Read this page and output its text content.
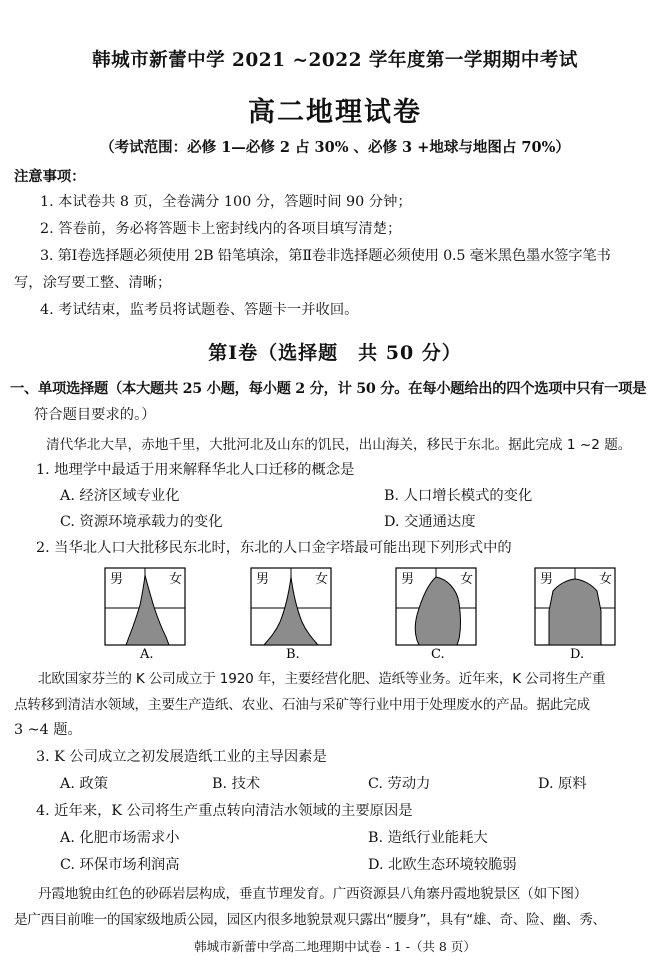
韩城市新蕾中学 2021 ~2022 学年度第一学期期中考试
高二地理试卷
（考试范围：必修 1—必修 2 占 30% 、必修 3 +地球与地图占 70%）
注意事项：
1. 本试卷共 8 页，全卷满分 100 分，答题时间 90 分钟；
2. 答卷前，务必将答题卡上密封线内的各项目填写清楚；
3. 第Ⅰ卷选择题必须使用 2B 铅笔填涂，第Ⅱ卷非选择题必须使用 0.5 毫米黑色墨水签字笔书
写，涂写要工整、清晰；
4. 考试结束，监考员将试题卷、答题卡一并收回。
第Ⅰ卷（选择题　共 50 分）
一、单项选择题（本大题共 25 小题，每小题 2 分，计 50 分。在每小题给出的四个选项中只有一项是
符合题目要求的。）
清代华北大旱，赤地千里，大批河北及山东的饥民，出山海关，移民于东北。据此完成 1 ~2 题。
1. 地理学中最适于用来解释华北人口迁移的概念是
A. 经济区域专业化	B. 人口增长模式的变化
C. 资源环境承载力的变化	D. 交通通达度
2. 当华北人口大批移民东北时，东北的人口金字塔最可能出现下列形式中的
男	女
A.
男	女
B.
男	女
C.
男	女
D.
北欧国家芬兰的 K 公司成立于 1920 年，主要经营化肥、造纸等业务。近年来，K 公司将生产重
点转移到清洁水领域，主要生产造纸、农业、石油与采矿等行业中用于处理废水的产品。据此完成
3 ~4 题。
3. K 公司成立之初发展造纸工业的主导因素是
A. 政策	B. 技术	C. 劳动力	D. 原料
4. 近年来，K 公司将生产重点转向清洁水领域的主要原因是
A. 化肥市场需求小	B. 造纸行业能耗大
C. 环保市场利润高	D. 北欧生态环境较脆弱
丹霞地貌由红色的砂砾岩层构成，垂直节理发育。广西资源县八角寨丹霞地貌景区（如下图）
是广西目前唯一的国家级地质公园，园区内很多地貌景观只露出“腰身”，具有“雄、奇、险、幽、秀、
韩城市新蕾中学高二地理期中试卷 - 1 -（共 8 页）
